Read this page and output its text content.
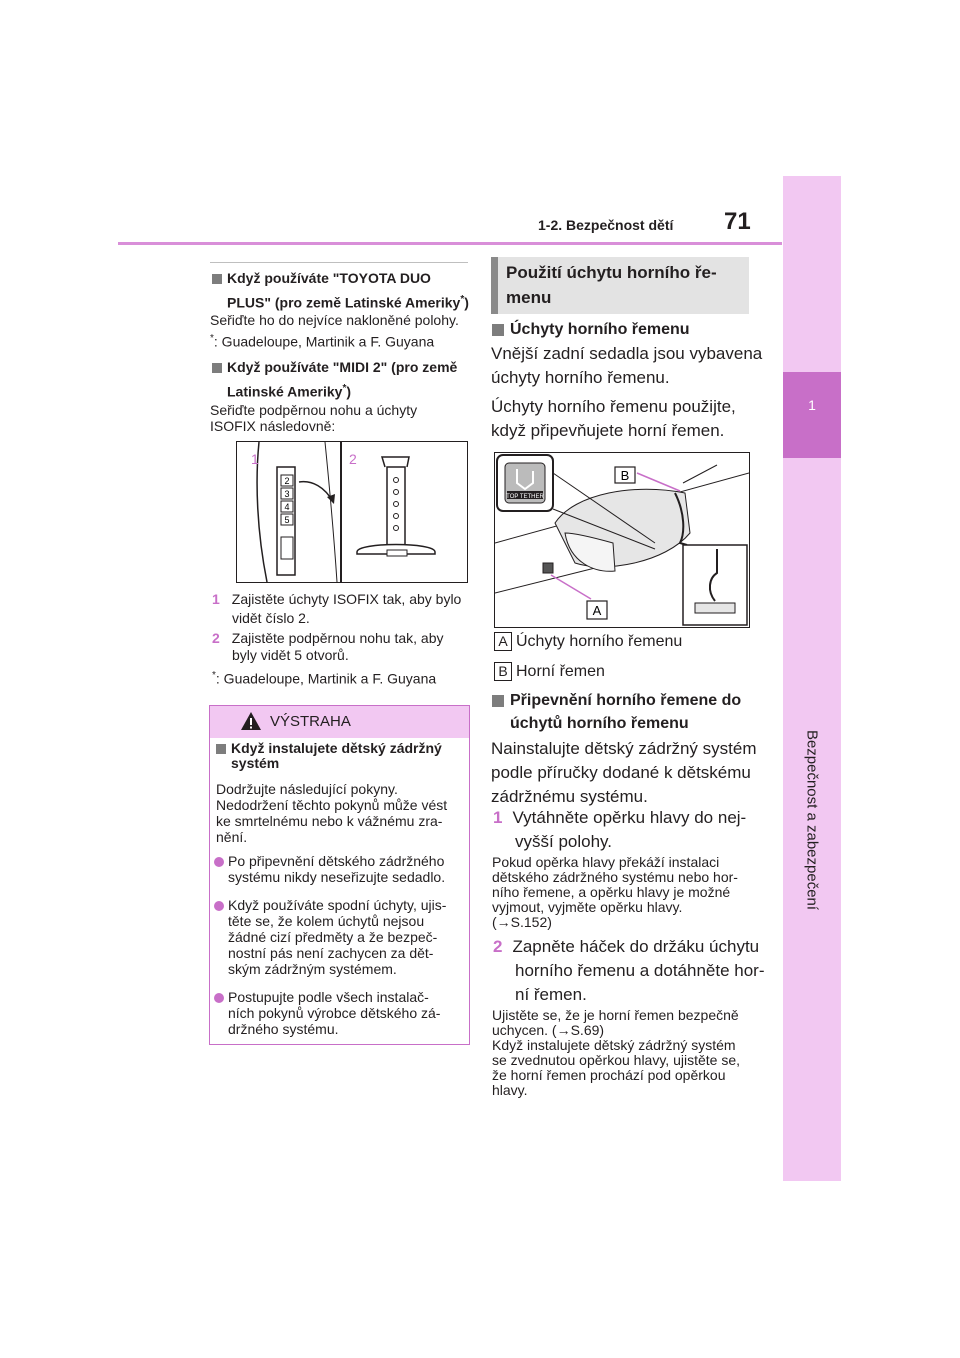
1-2. Bezpečnost dětí 71
1
Bezpečnost a zabezpečení
Když používáte "TOYOTA DUO
PLUS" (pro země Latinské Ameriky*)
Seřiďte ho do nejvíce nakloněné polohy.
*: Guadeloupe, Martinik a F. Guyana
Když používáte "MIDI 2" (pro země
Latinské Ameriky*)
Seřiďte podpěrnou nohu a úchyty
ISOFIX následovně:
2
3
4
5
1	2
1 Zajistěte úchyty ISOFIX tak, aby bylo
vidět číslo 2.
2 Zajistěte podpěrnou nohu tak, aby
byly vidět 5 otvorů.
*: Guadeloupe, Martinik a F. Guyana
VÝSTRAHA
Když instalujete dětský zádržný
systém
Dodržujte následující pokyny.
Nedodržení těchto pokynů může vést
ke smrtelnému nebo k vážnému zra-
nění.
Po připevnění dětského zádržného
systému nikdy neseřizujte sedadlo.
Když používáte spodní úchyty, ujis-
těte se, že kolem úchytů nejsou
žádné cizí předměty a že bezpeč-
nostní pás není zachycen za dět-
ským zádržným systémem.
Postupujte podle všech instalač-
ních pokynů výrobce dětského zá-
držného systému.
Použití úchytu horního ře-
menu
Úchyty horního řemenu
Vnější zadní sedadla jsou vybavena
úchyty horního řemenu.
Úchyty horního řemenu použijte,
když připevňujete horní řemen.
TOP TETHER
B
A
A Úchyty horního řemenu
B Horní řemen
Připevnění horního řemene do
úchytů horního řemenu
Nainstalujte dětský zádržný systém
podle příručky dodané k dětskému
zádržnému systému.
1 Vytáhněte opěrku hlavy do nej-
vyšší polohy.
Pokud opěrka hlavy překáží instalaci
dětského zádržného systému nebo hor-
ního řemene, a opěrku hlavy je možné
vyjmout, vyjměte opěrku hlavy.
(→S.152)
2 Zapněte háček do držáku úchytu
horního řemenu a dotáhněte hor-
ní řemen.
Ujistěte se, že je horní řemen bezpečně
uchycen. (→S.69)
Když instalujete dětský zádržný systém
se zvednutou opěrkou hlavy, ujistěte se,
že horní řemen prochází pod opěrkou
hlavy.
